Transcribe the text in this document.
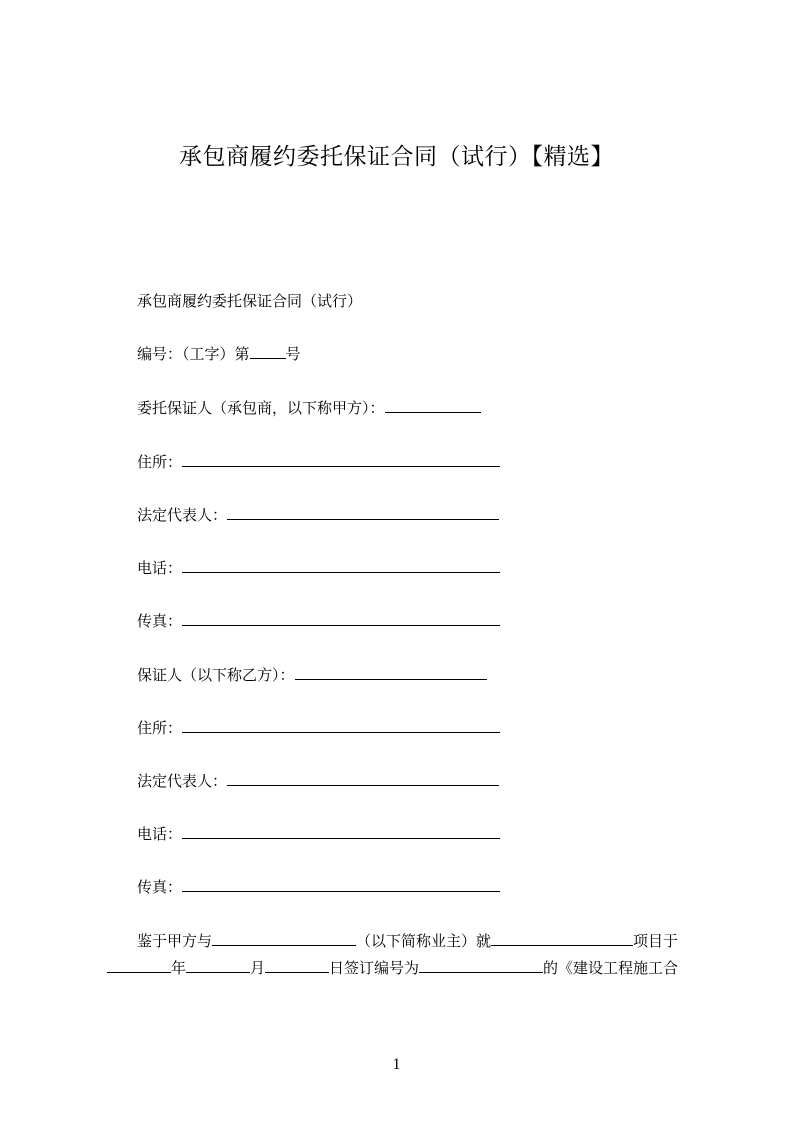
承包商履约委托保证合同（试行）【精选】
承包商履约委托保证合同（试行）
编号：（工字）第 号
委托保证人（承包商，以下称甲方）：
住所：
法定代表人：
电话：
传真：
保证人（以下称乙方）：
住所：
法定代表人：
电话：
传真：
鉴于甲方与	（以下简称业主）就	项目于
年	月	日签订编号为	的《建设工程施工合
1
